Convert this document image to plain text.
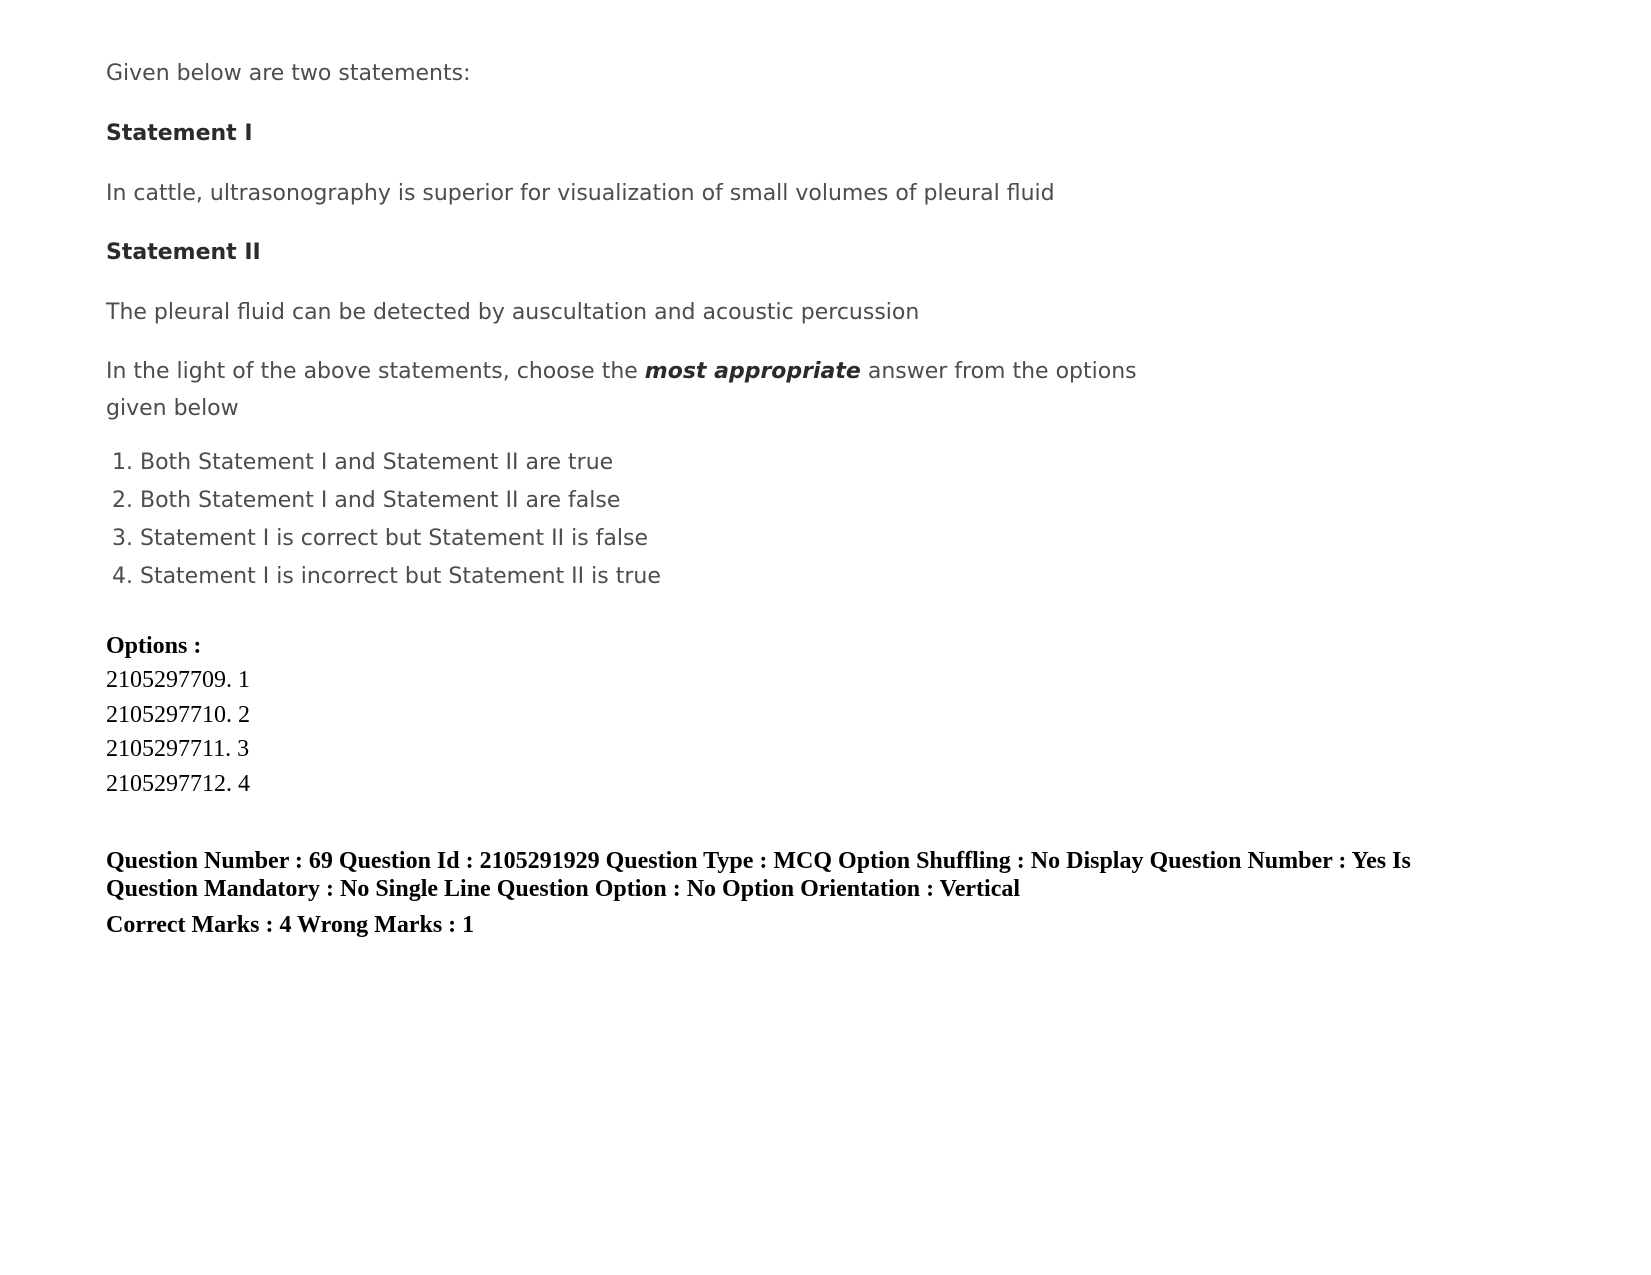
Given below are two statements:

Statement I

In cattle, ultrasonography is superior for visualization of small volumes of pleural fluid

Statement II

The pleural fluid can be detected by auscultation and acoustic percussion

In the light of the above statements, choose the most appropriate answer from the options
given below

1. Both Statement I and Statement II are true
2. Both Statement I and Statement II are false
3. Statement I is correct but Statement II is false
4. Statement I is incorrect but Statement II is true
Options :
2105297709. 1
2105297710. 2
2105297711. 3
2105297712. 4

Question Number : 69 Question Id : 2105291929 Question Type : MCQ Option Shuffling : No Display Question Number : Yes Is

Question Mandatory : No Single Line Question Option : No Option Orientation : Vertical

Correct Marks : 4 Wrong Marks : 1
